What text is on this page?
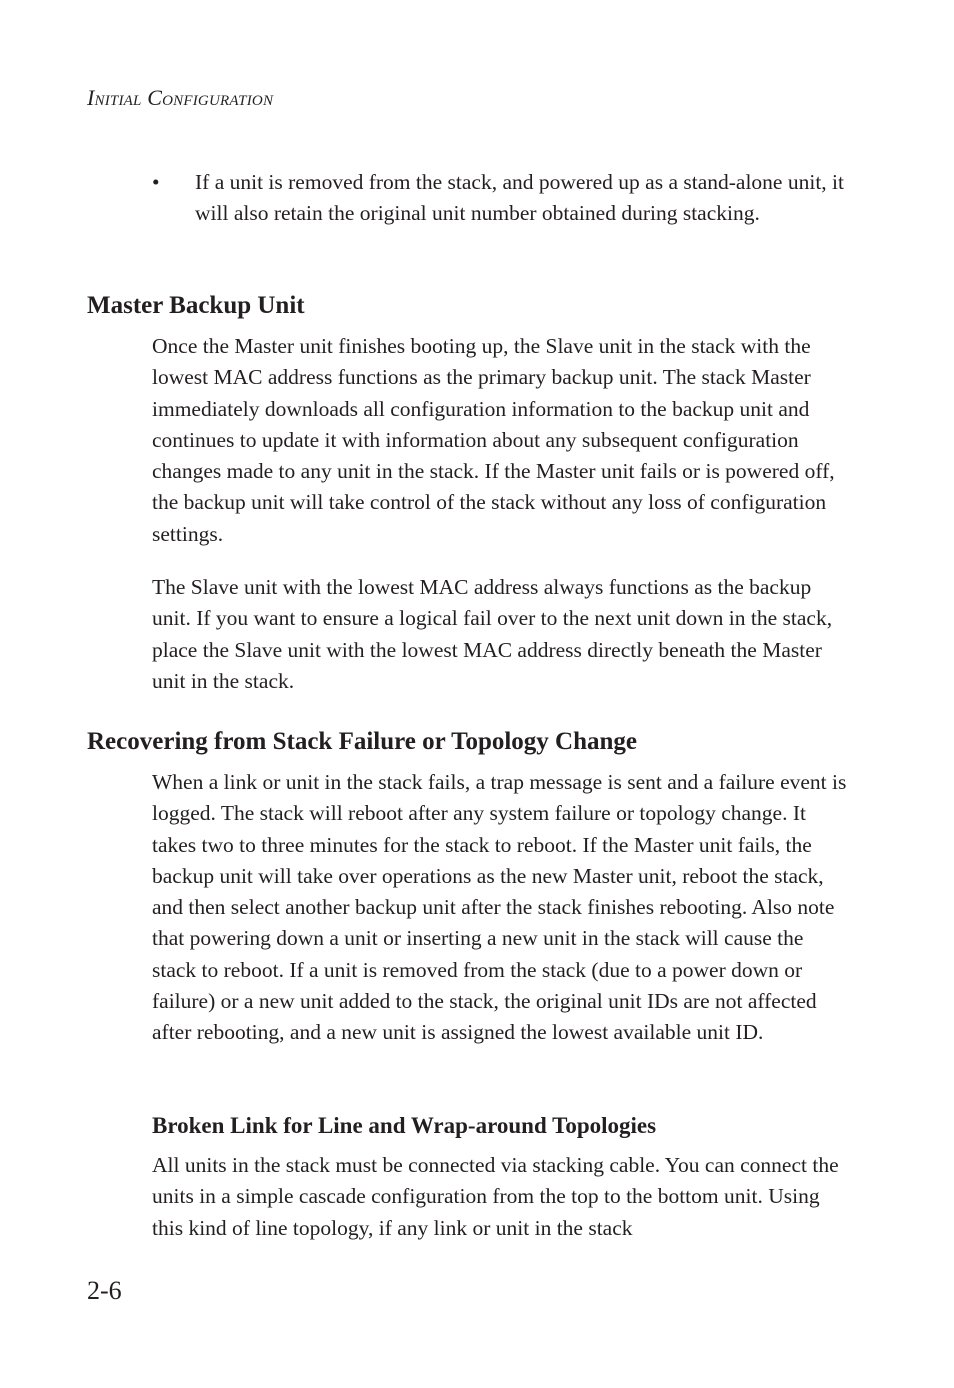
Initial Configuration
• If a unit is removed from the stack, and powered up as a stand-alone unit, it will also retain the original unit number obtained during stacking.
Master Backup Unit

Once the Master unit finishes booting up, the Slave unit in the stack with the lowest MAC address functions as the primary backup unit. The stack Master immediately downloads all configuration information to the backup unit and continues to update it with information about any subsequent configuration changes made to any unit in the stack. If the Master unit fails or is powered off, the backup unit will take control of the stack without any loss of configuration settings.

The Slave unit with the lowest MAC address always functions as the backup unit. If you want to ensure a logical fail over to the next unit down in the stack, place the Slave unit with the lowest MAC address directly beneath the Master unit in the stack.

Recovering from Stack Failure or Topology Change

When a link or unit in the stack fails, a trap message is sent and a failure event is logged. The stack will reboot after any system failure or topology change. It takes two to three minutes for the stack to reboot. If the Master unit fails, the backup unit will take over operations as the new Master unit, reboot the stack, and then select another backup unit after the stack finishes rebooting. Also note that powering down a unit or inserting a new unit in the stack will cause the stack to reboot. If a unit is removed from the stack (due to a power down or failure) or a new unit added to the stack, the original unit IDs are not affected after rebooting, and a new unit is assigned the lowest available unit ID.

Broken Link for Line and Wrap-around Topologies

All units in the stack must be connected via stacking cable. You can connect the units in a simple cascade configuration from the top to the bottom unit. Using this kind of line topology, if any link or unit in the stack

2-6
